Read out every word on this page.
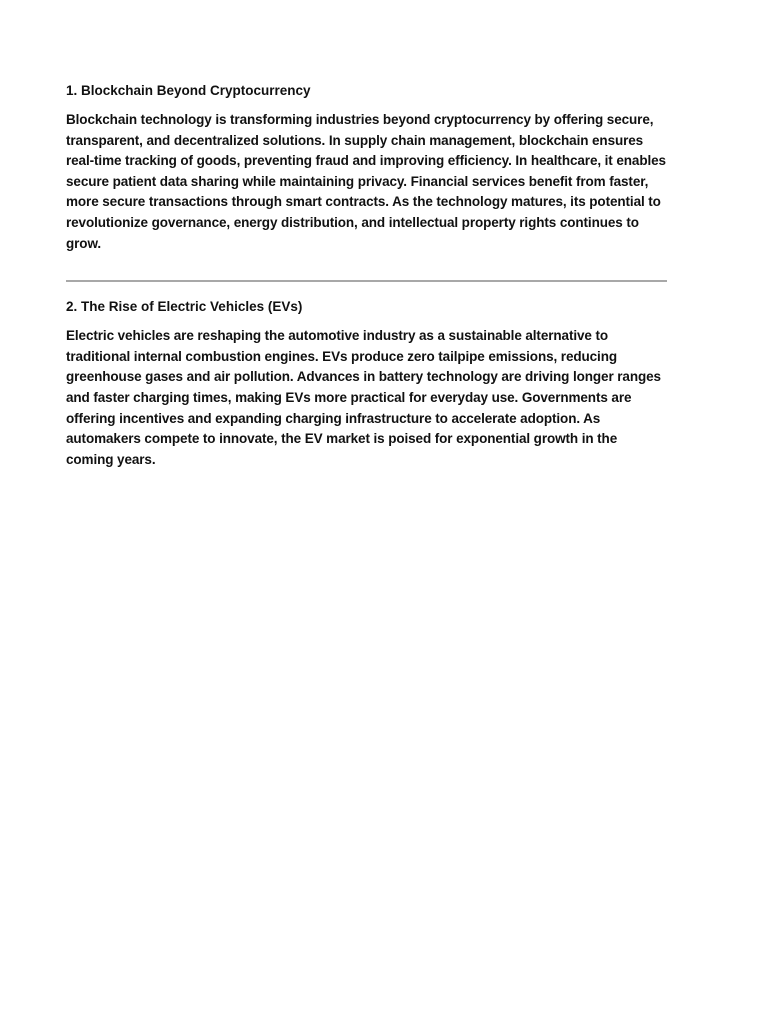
1. Blockchain Beyond Cryptocurrency

Blockchain technology is transforming industries beyond cryptocurrency by offering secure, transparent, and decentralized solutions. In supply chain management, blockchain ensures real-time tracking of goods, preventing fraud and improving efficiency. In healthcare, it enables secure patient data sharing while maintaining privacy. Financial services benefit from faster, more secure transactions through smart contracts. As the technology matures, its potential to revolutionize governance, energy distribution, and intellectual property rights continues to grow.

2. The Rise of Electric Vehicles (EVs)

Electric vehicles are reshaping the automotive industry as a sustainable alternative to traditional internal combustion engines. EVs produce zero tailpipe emissions, reducing greenhouse gases and air pollution. Advances in battery technology are driving longer ranges and faster charging times, making EVs more practical for everyday use. Governments are offering incentives and expanding charging infrastructure to accelerate adoption. As automakers compete to innovate, the EV market is poised for exponential growth in the coming years.
